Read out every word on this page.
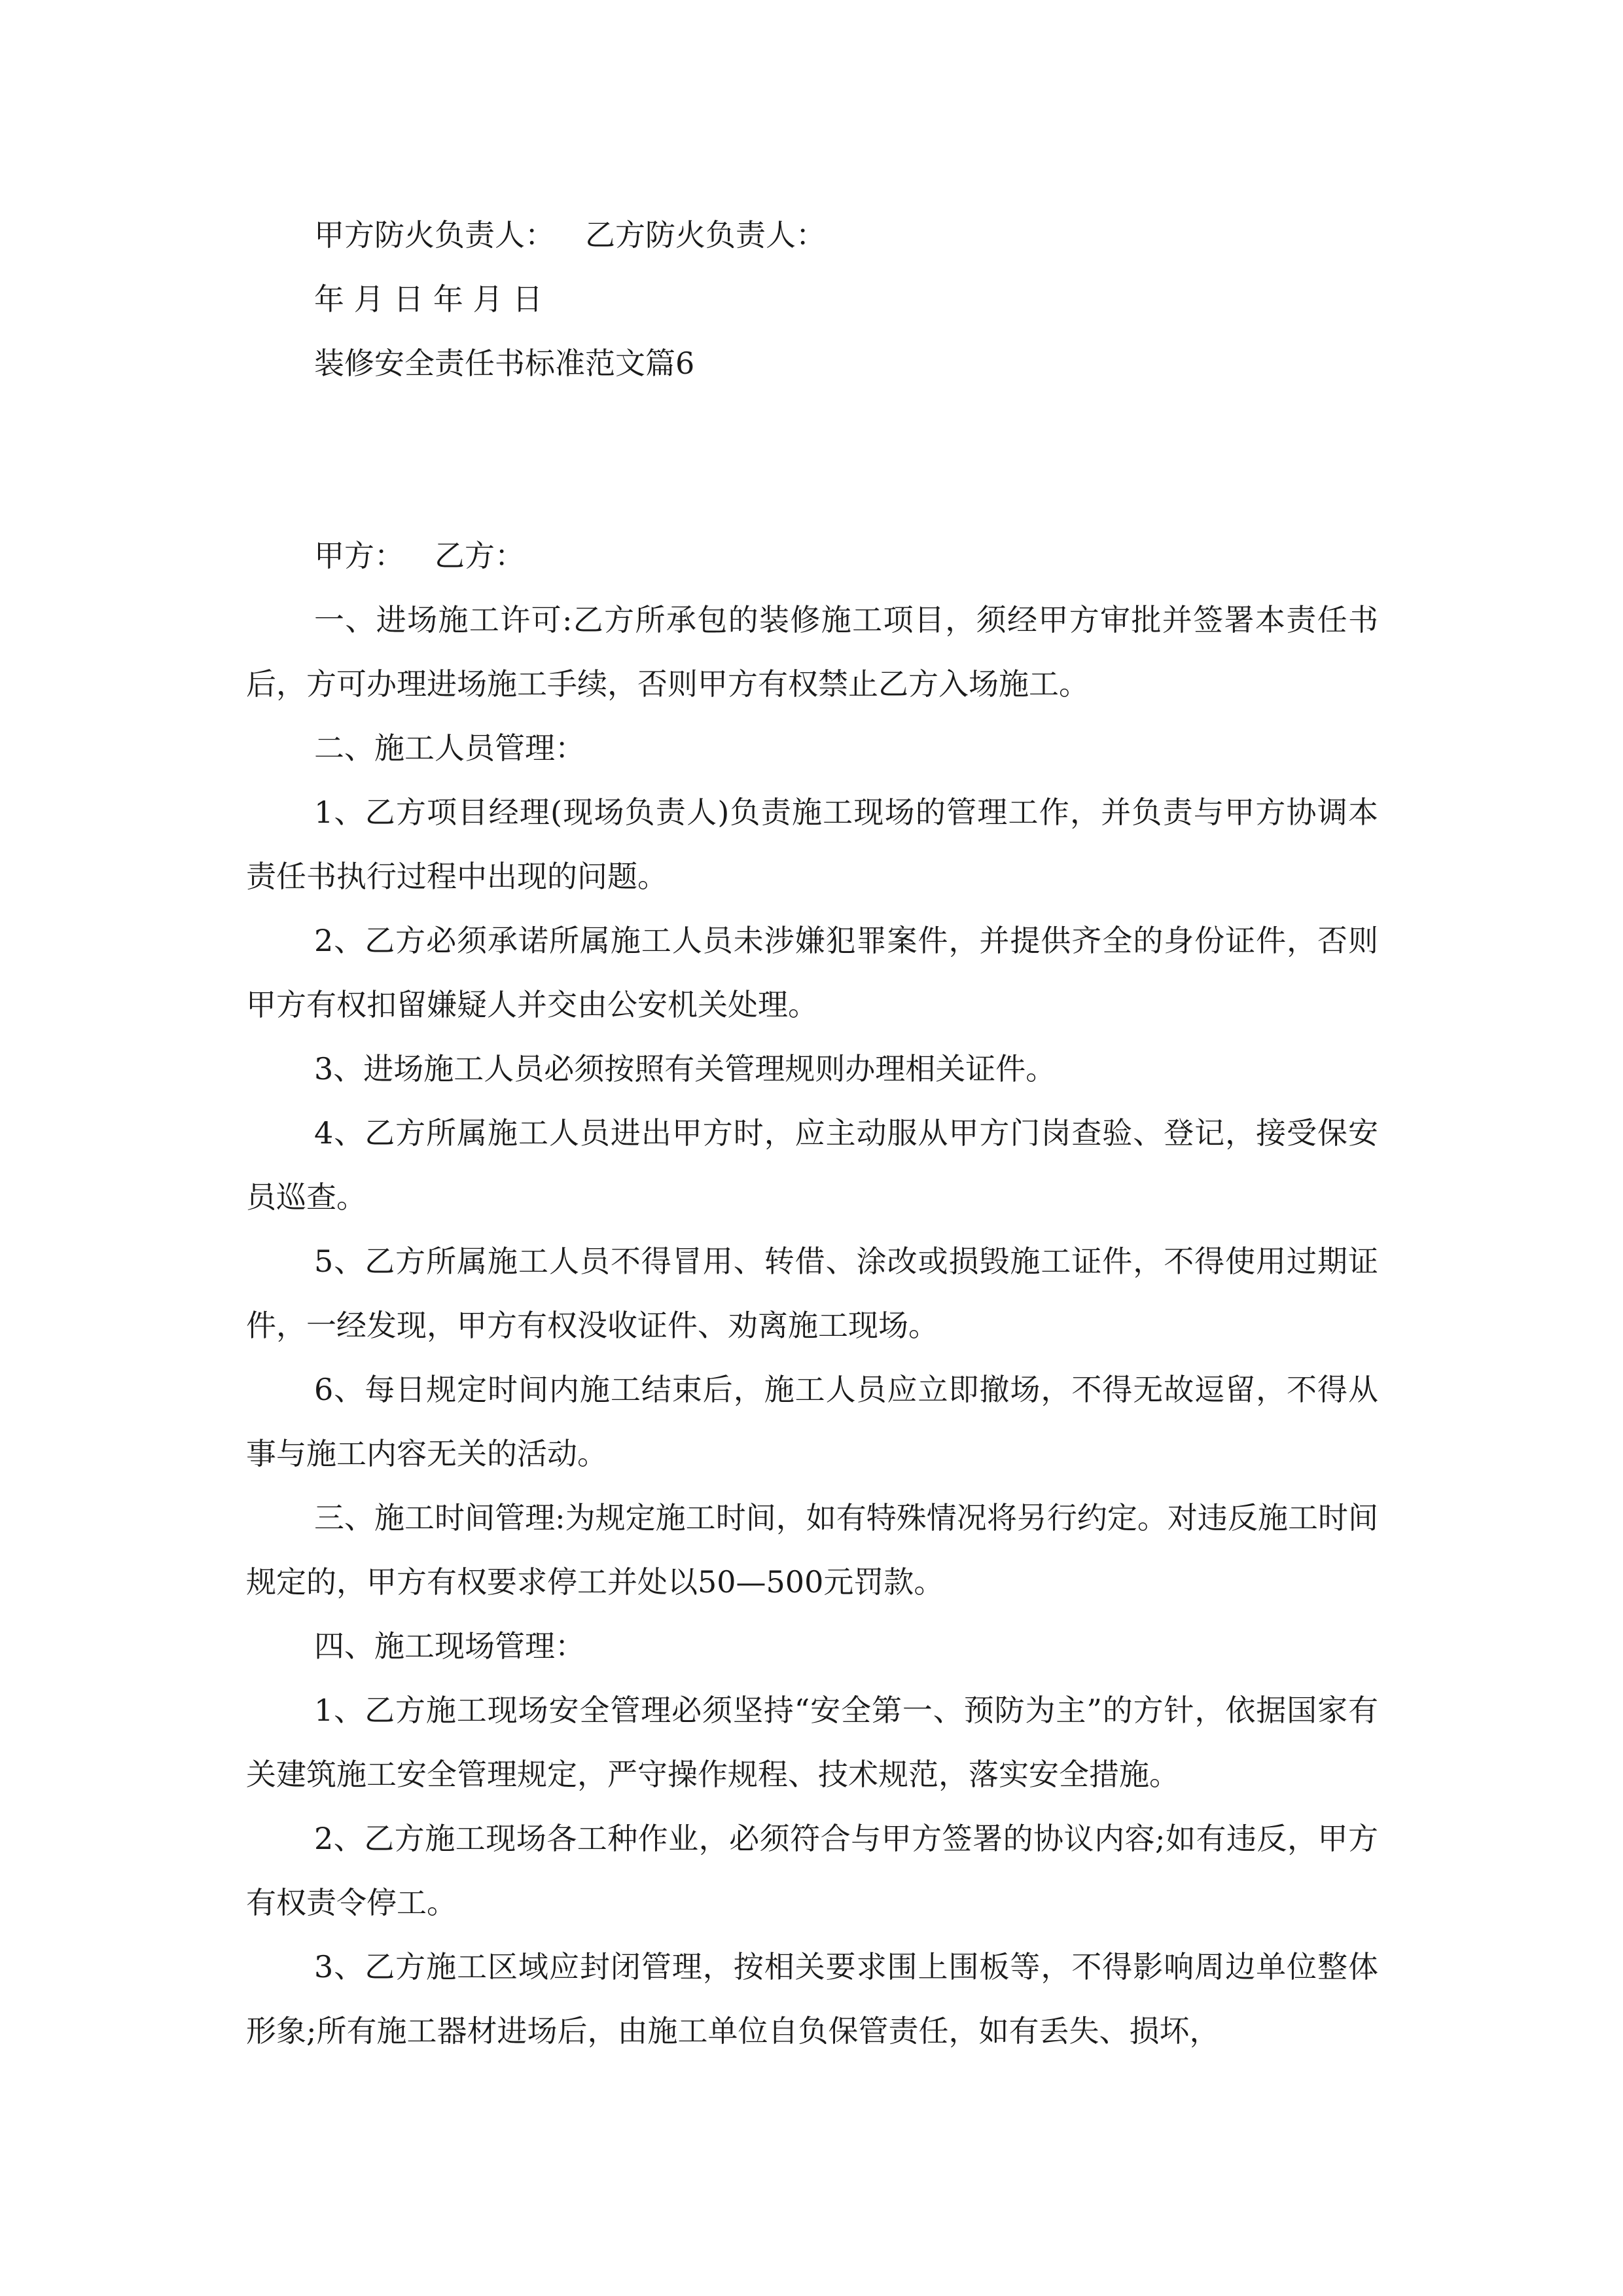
甲方防火负责人： 乙方防火负责人：

年 月 日 年 月 日

装修安全责任书标准范文篇6

甲方： 乙方：

一、进场施工许可:乙方所承包的装修施工项目，须经甲方审批并签署本责任书后，方可办理进场施工手续，否则甲方有权禁止乙方入场施工。

二、施工人员管理：

1、乙方项目经理(现场负责人)负责施工现场的管理工作，并负责与甲方协调本责任书执行过程中出现的问题。

2、乙方必须承诺所属施工人员未涉嫌犯罪案件，并提供齐全的身份证件，否则甲方有权扣留嫌疑人并交由公安机关处理。

3、进场施工人员必须按照有关管理规则办理相关证件。

4、乙方所属施工人员进出甲方时，应主动服从甲方门岗查验、登记，接受保安员巡查。

5、乙方所属施工人员不得冒用、转借、涂改或损毁施工证件，不得使用过期证件，一经发现，甲方有权没收证件、劝离施工现场。

6、每日规定时间内施工结束后，施工人员应立即撤场，不得无故逗留，不得从事与施工内容无关的活动。

三、施工时间管理:为规定施工时间，如有特殊情况将另行约定。对违反施工时间规定的，甲方有权要求停工并处以50—500元罚款。

四、施工现场管理：

1、乙方施工现场安全管理必须坚持“安全第一、预防为主”的方针，依据国家有关建筑施工安全管理规定，严守操作规程、技术规范，落实安全措施。

2、乙方施工现场各工种作业，必须符合与甲方签署的协议内容;如有违反，甲方有权责令停工。

3、乙方施工区域应封闭管理，按相关要求围上围板等，不得影响周边单位整体形象;所有施工器材进场后，由施工单位自负保管责任，如有丢失、损坏，
